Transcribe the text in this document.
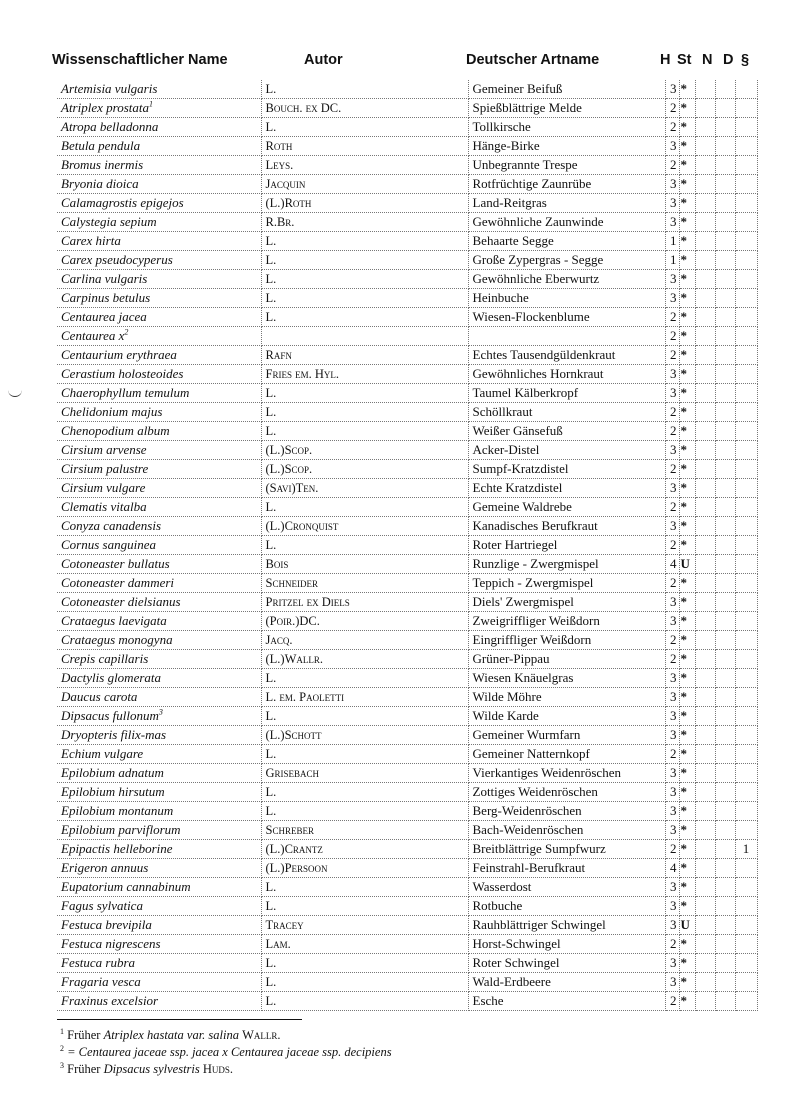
Wissenschaftlicher Name	Autor	Deutscher Artname	H St N D §
Artemisia vulgaris	L.	Gemeiner Beifuß	3	*			
Atriplex prostata$^1$	Bouch. ex DC.	Spießblättrige Melde	2	*			
Atropa belladonna	L.	Tollkirsche	2	*			
Betula pendula	Roth	Hänge-Birke	3	*			
Bromus inermis	Leys.	Unbegrannte Trespe	2	*			
Bryonia dioica	Jacquin	Rotfrüchtige Zaunrübe	3	*			
Calamagrostis epigejos	(L.)Roth	Land-Reitgras	3	*			
Calystegia sepium	R.Br.	Gewöhnliche Zaunwinde	3	*			
Carex hirta	L.	Behaarte Segge	1	*			
Carex pseudocyperus	L.	Große Zypergras - Segge	1	*			
Carlina vulgaris	L.	Gewöhnliche Eberwurtz	3	*			
Carpinus betulus	L.	Heinbuche	3	*			
Centaurea jacea	L.	Wiesen-Flockenblume	2	*			
Centaurea $x^2$			2	*			
Centaurium erythraea	Rafn	Echtes Tausendgüldenkraut	2	*			
Cerastium holosteoides	Fries em. Hyl.	Gewöhnliches Hornkraut	3	*			
Chaerophyllum temulum	L.	Taumel Kälberkropf	3	*			
Chelidonium majus	L.	Schöllkraut	2	*			
Chenopodium album	L.	Weißer Gänsefuß	2	*			
Cirsium arvense	(L.)Scop.	Acker-Distel	3	*			
Cirsium palustre	(L.)Scop.	Sumpf-Kratzdistel	2	*			
Cirsium vulgare	(Savi)Ten.	Echte Kratzdistel	3	*			
Clematis vitalba	L.	Gemeine Waldrebe	2	*			
Conyza canadensis	(L.)Cronquist	Kanadisches Berufkraut	3	*			
Cornus sanguinea	L.	Roter Hartriegel	2	*			
Cotoneaster bullatus	Bois	Runzlige - Zwergmispel	4	U			
Cotoneaster dammeri	Schneider	Teppich - Zwergmispel	2	*			
Cotoneaster dielsianus	Pritzel ex Diels	Diels' Zwergmispel	3	*			
Crataegus laevigata	(Poir.)DC.	Zweigriffliger Weißdorn	3	*			
Crataegus monogyna	Jacq.	Eingriffliger Weißdorn	2	*			
Crepis capillaris	(L.)Wallr.	Grüner-Pippau	2	*			
Dactylis glomerata	L.	Wiesen Knäuelgras	3	*			
Daucus carota	L. em. Paoletti	Wilde Möhre	3	*			
Dipsacus fullonum$^3$	L.	Wilde Karde	3	*			
Dryopteris filix-mas	(L.)Schott	Gemeiner Wurmfarn	3	*			
Echium vulgare	L.	Gemeiner Natternkopf	2	*			
Epilobium adnatum	Grisebach	Vierkantiges Weidenröschen	3	*			
Epilobium hirsutum	L.	Zottiges Weidenröschen	3	*			
Epilobium montanum	L.	Berg-Weidenröschen	3	*			
Epilobium parviflorum	Schreber	Bach-Weidenröschen	3	*			
Epipactis helleborine	(L.)Crantz	Breitblättrige Sumpfwurz	2	*			1
Erigeron annuus	(L.)Persoon	Feinstrahl-Berufkraut	4	*			
Eupatorium cannabinum	L.	Wasserdost	3	*			
Fagus sylvatica	L.	Rotbuche	3	*			
Festuca brevipila	Tracey	Rauhblättriger Schwingel	3	U			
Festuca nigrescens	Lam.	Horst-Schwingel	2	*			
Festuca rubra	L.	Roter Schwingel	3	*			
Fragaria vesca	L.	Wald-Erdbeere	3	*			
Fraxinus excelsior	L.	Esche	2	*			
$^1$ Früher Atriplex hastata var. salina Wallr.
$^2$ = Centaurea jaceae ssp. jacea x Centaurea jaceae ssp. decipiens
$^3$ Früher Dipsacus sylvestris Huds.
